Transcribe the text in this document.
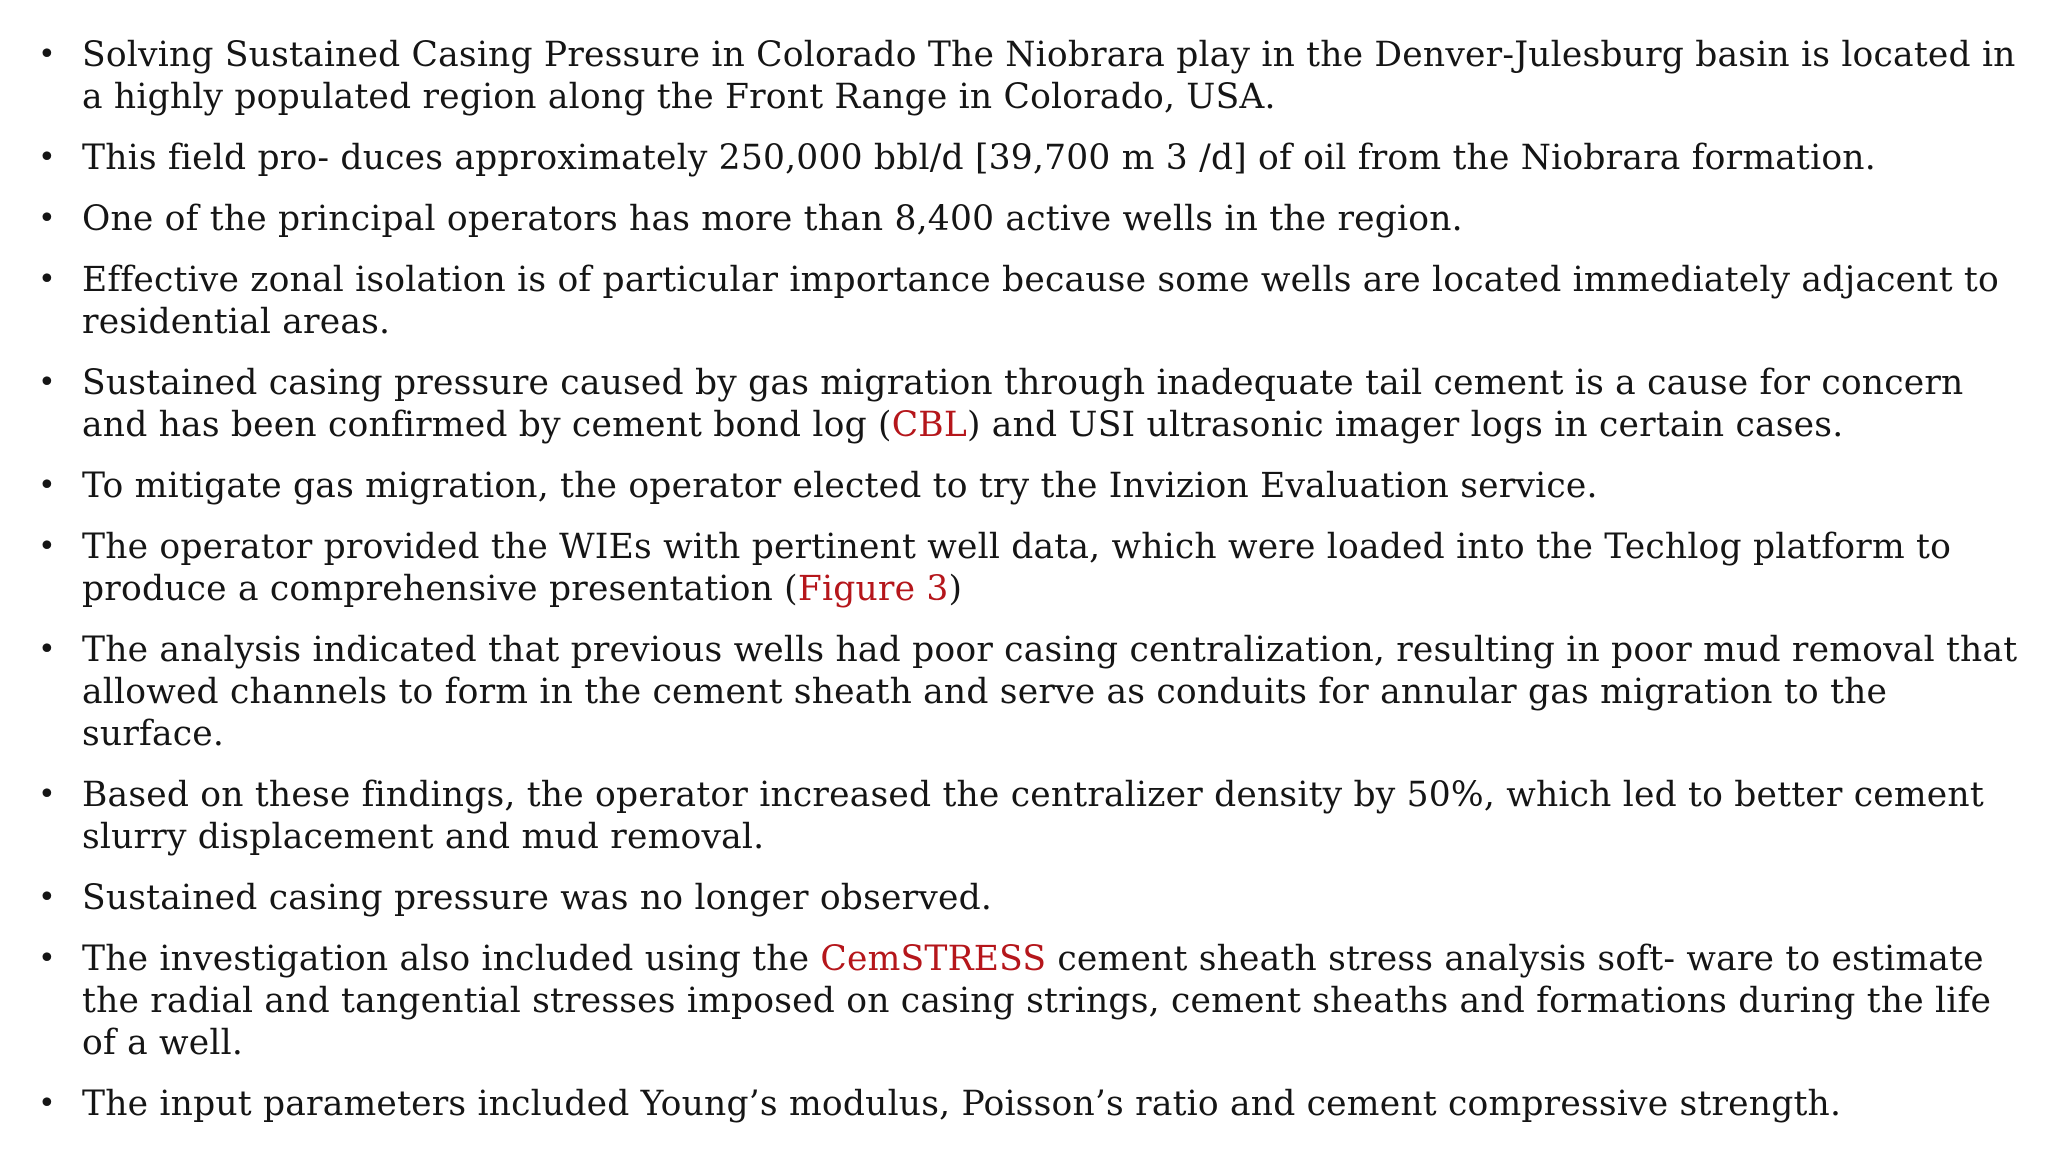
• Solving Sustained Casing Pressure in Colorado The Niobrara play in the Denver-Julesburg basin is located in a highly populated region along the Front Range in Colorado, USA.
• This field pro- duces approximately 250,000 bbl/d [39,700 m 3 /d] of oil from the Niobrara formation.
• One of the principal operators has more than 8,400 active wells in the region.
• Effective zonal isolation is of particular importance because some wells are located immediately adjacent to residential areas.
• Sustained casing pressure caused by gas migration through inadequate tail cement is a cause for concern and has been confirmed by cement bond log (CBL) and USI ultrasonic imager logs in certain cases.
• To mitigate gas migration, the operator elected to try the Invizion Evaluation service.
• The operator provided the WIEs with pertinent well data, which were loaded into the Techlog platform to produce a comprehensive presentation (Figure 3)
• The analysis indicated that previous wells had poor casing centralization, resulting in poor mud removal that allowed channels to form in the cement sheath and serve as conduits for annular gas migration to the surface.
• Based on these findings, the operator increased the centralizer density by 50%, which led to better cement slurry displacement and mud removal.
• Sustained casing pressure was no longer observed.
• The investigation also included using the CemSTRESS cement sheath stress analysis soft- ware to estimate the radial and tangential stresses imposed on casing strings, cement sheaths and formations during the life of a well.
• The input parameters included Young’s modulus, Poisson’s ratio and cement compressive strength.
